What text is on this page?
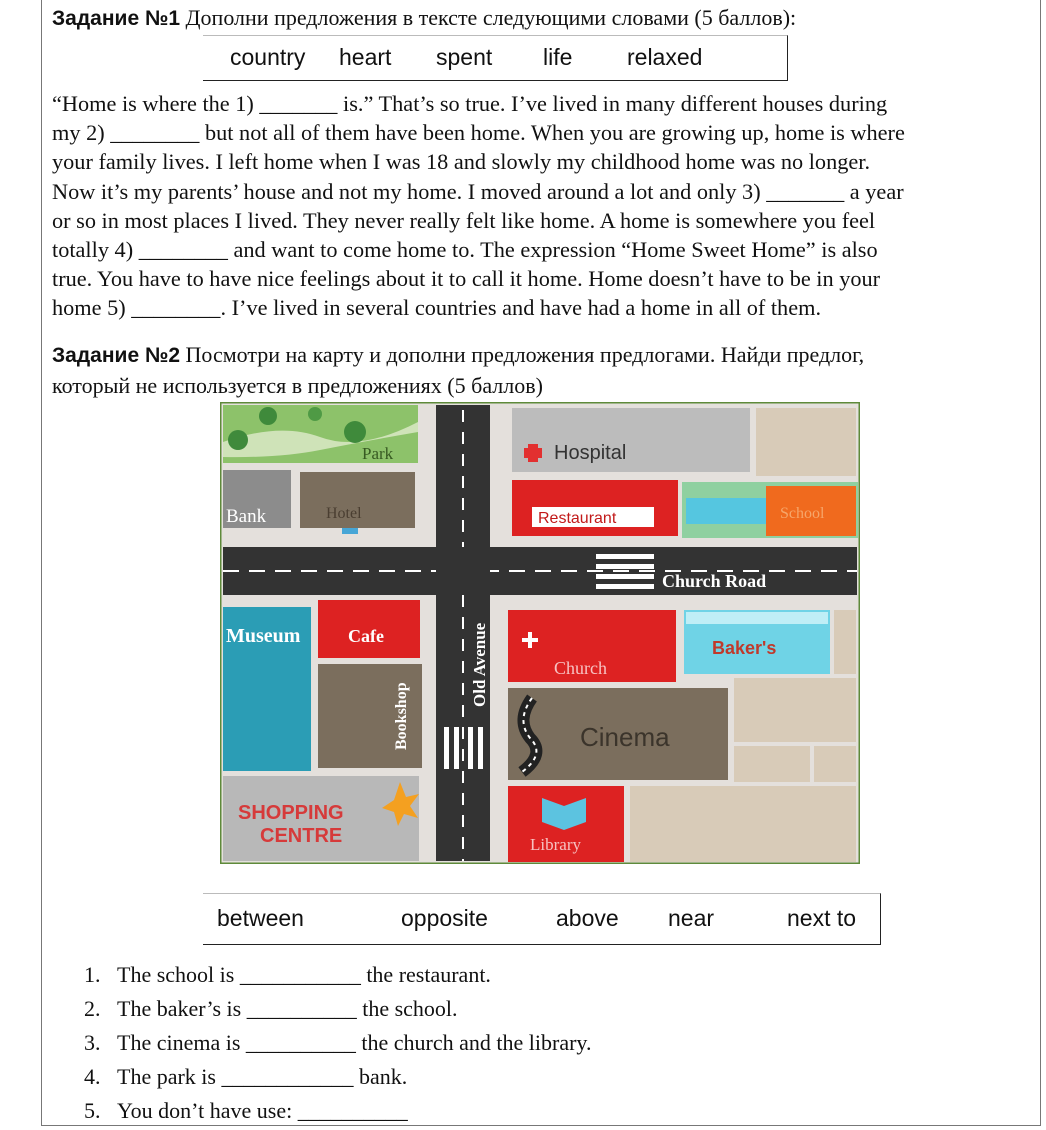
Задание №1 Дополни предложения в тексте следующими словами (5 баллов):
country heart spent life relaxed

“Home is where the 1) _______ is.” That’s so true. I’ve lived in many different houses during
my 2) ________ but not all of them have been home. When you are growing up, home is where
your family lives. I left home when I was 18 and slowly my childhood home was no longer.
Now it’s my parents’ house and not my home. I moved around a lot and only 3) _______ a year
or so in most places I lived. They never really felt like home. A home is somewhere you feel
totally 4) ________ and want to come home to. The expression “Home Sweet Home” is also
true. You have to have nice feelings about it to call it home. Home doesn’t have to be in your
home 5) ________. I’ve lived in several countries and have had a home in all of them.

Задание №2 Посмотри на карту и дополни предложения предлогами. Найди предлог,
который не используется в предложениях (5 баллов)
Park	Hospital
Bank	Hotel	Restaurant	School
Church Road
Old Avenue
Museum	Cafe
Bookshop
SHOPPING
CENTRE
Church
Baker's
Cinema
Library
between	opposite	above near	next to
1. The school is ___________ the restaurant.
2. The baker’s is __________ the school.
3. The cinema is __________ the church and the library.
4. The park is ____________ bank.
5. You don’t have use: __________
